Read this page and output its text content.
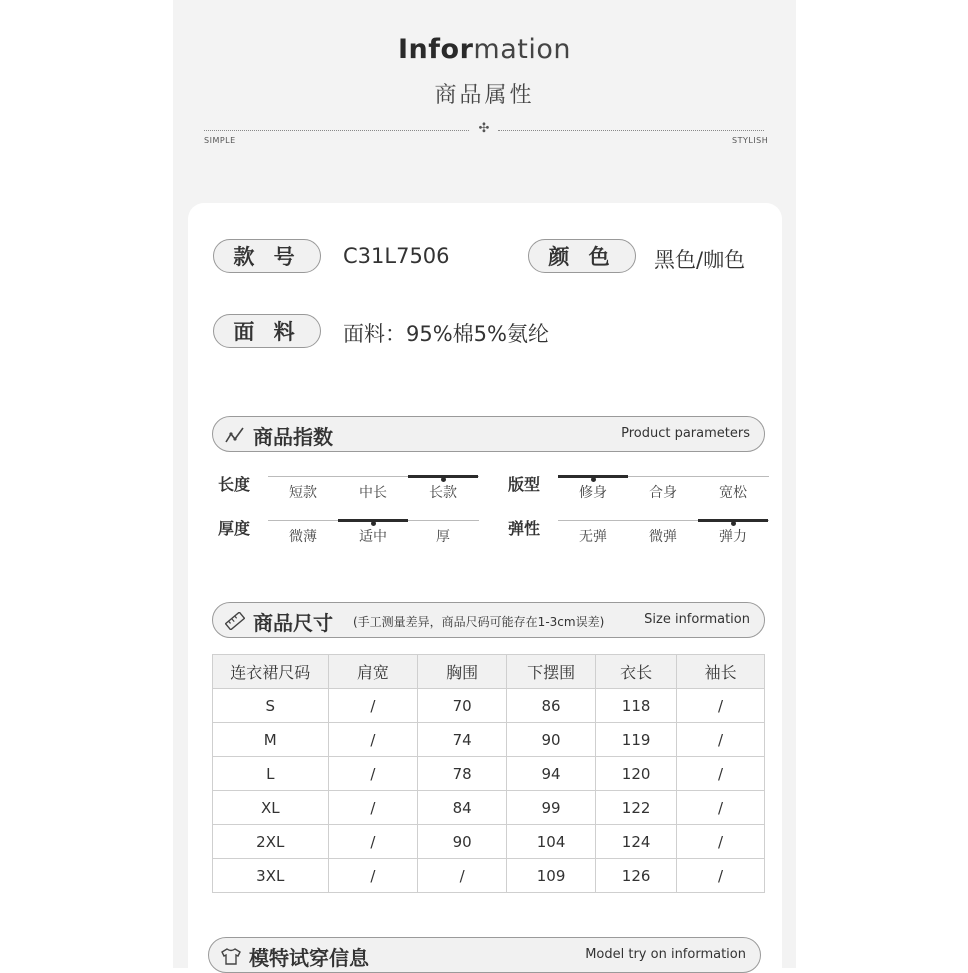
Information
商品属性
✣
SIMPLE	STYLISH
款 号	C31L7506	颜 色	黑色/咖色
面 料	面料：95%棉5%氨纶
商品指数	Product parameters
长度	短款	中长	长款	版型	修身	合身	宽松
厚度	微薄	适中	厚	弹性	无弹	微弹	弹力
商品尺寸 (手工测量差异，商品尺码可能存在1-3cm误差)	Size information
连衣裙尺码	肩宽	胸围	下摆围	衣长	袖长
S	/	70	86	118	/
M	/	74	90	119	/
L	/	78	94	120	/
XL	/	84	99	122	/
2XL	/	90	104	124	/
3XL	/	/	109	126	/
模特试穿信息	Model try on information
